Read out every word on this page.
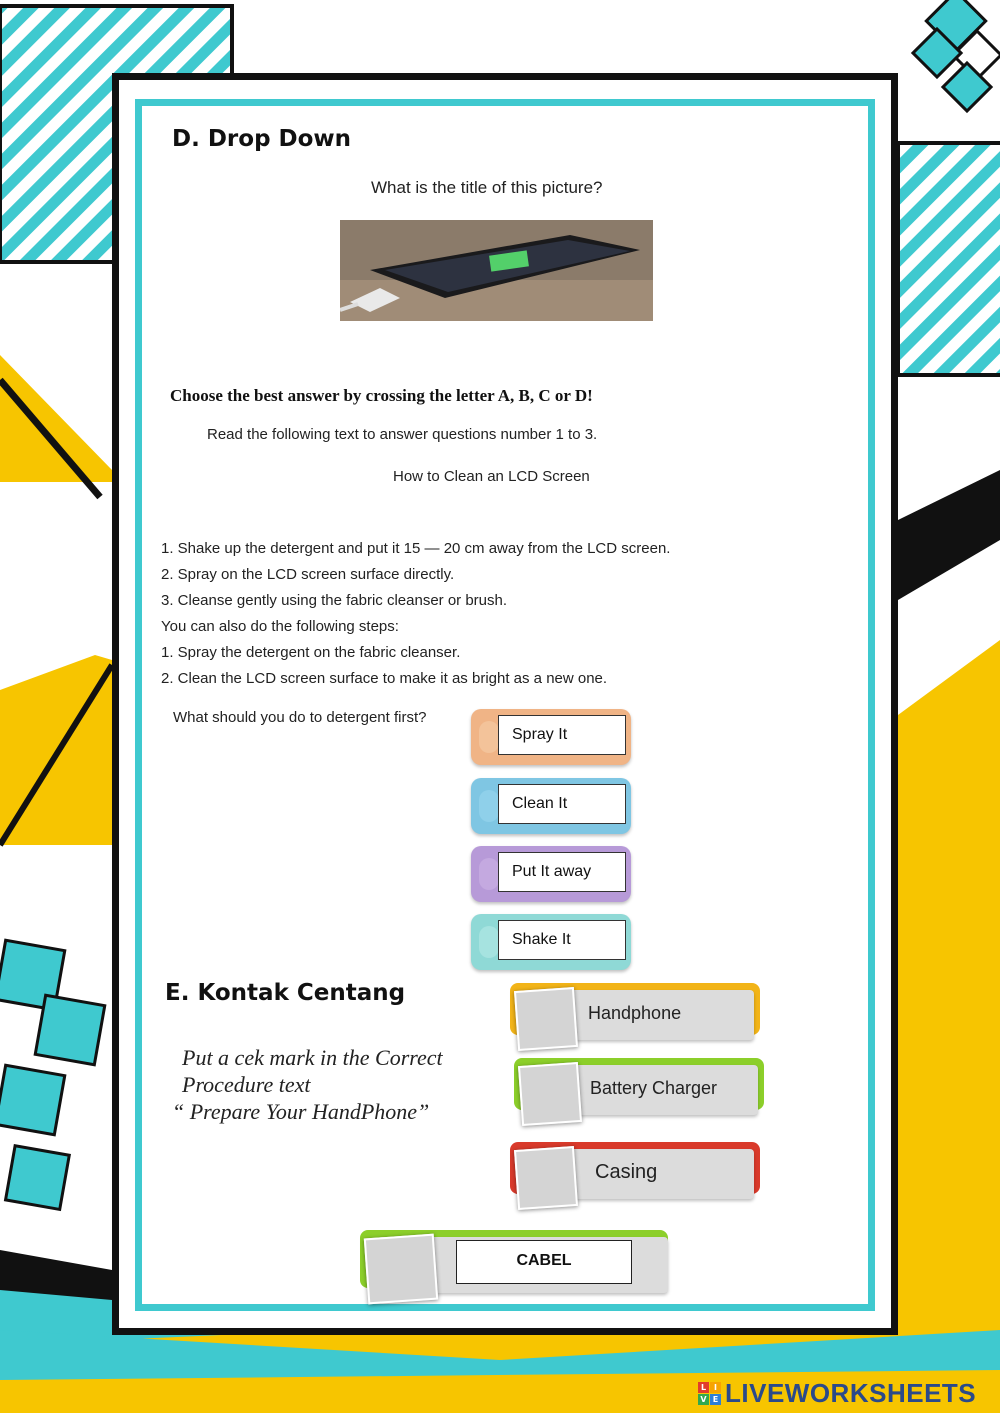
D. Drop Down
What is the title of this picture?
Choose the best answer by crossing the letter A, B, C or D!
Read the following text to answer questions number 1 to 3.
How to Clean an LCD Screen
1. Shake up the detergent and put it 15 — 20 cm away from the LCD screen.
2. Spray on the LCD screen surface directly.
3. Cleanse gently using the fabric cleanser or brush.
You can also do the following steps:
1. Spray the detergent on the fabric cleanser.
2. Clean the LCD screen surface to make it as bright as a new one.
What should you do to detergent first?
Spray It
Clean It
Put It away
Shake It
E. Kontak Centang
Put a cek mark in the Correct
Procedure text
“ Prepare Your HandPhone”
Handphone
Battery Charger
Casing
CABEL
L I
V E LIVEWORKSHEETS
